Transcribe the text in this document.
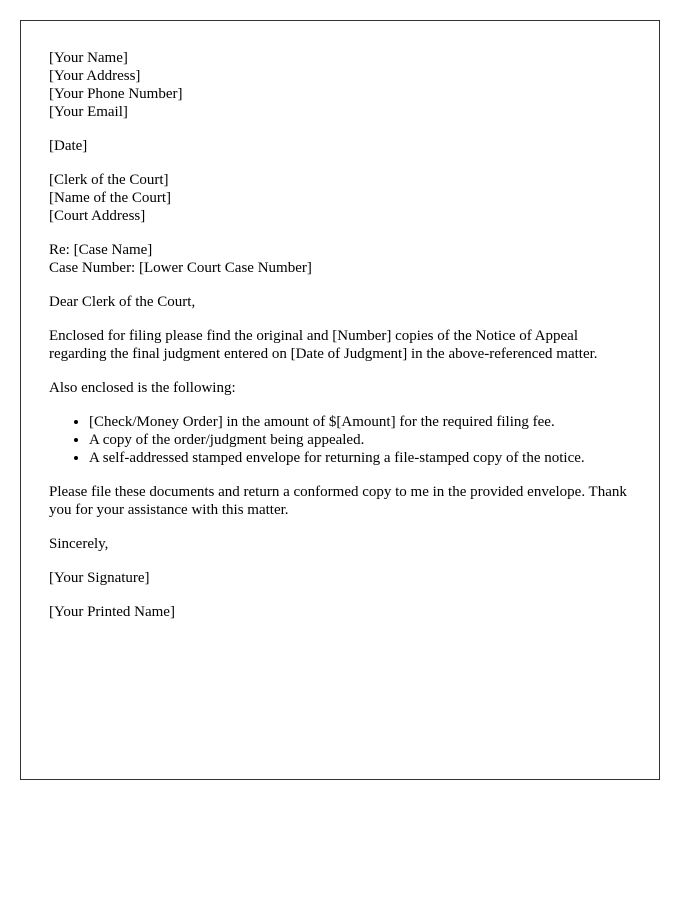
[Your Name]
[Your Address]
[Your Phone Number]
[Your Email]
[Date]
[Clerk of the Court]
[Name of the Court]
[Court Address]
Re: [Case Name]
Case Number: [Lower Court Case Number]

Dear Clerk of the Court,

Enclosed for filing please find the original and [Number] copies of the Notice of Appeal regarding the final judgment entered on [Date of Judgment] in the above-referenced matter.

Also enclosed is the following:

• [Check/Money Order] in the amount of $[Amount] for the required filing fee.
• A copy of the order/judgment being appealed.
• A self-addressed stamped envelope for returning a file-stamped copy of the notice.

Please file these documents and return a conformed copy to me in the provided envelope. Thank you for your assistance with this matter.

Sincerely,

[Your Signature]

[Your Printed Name]
